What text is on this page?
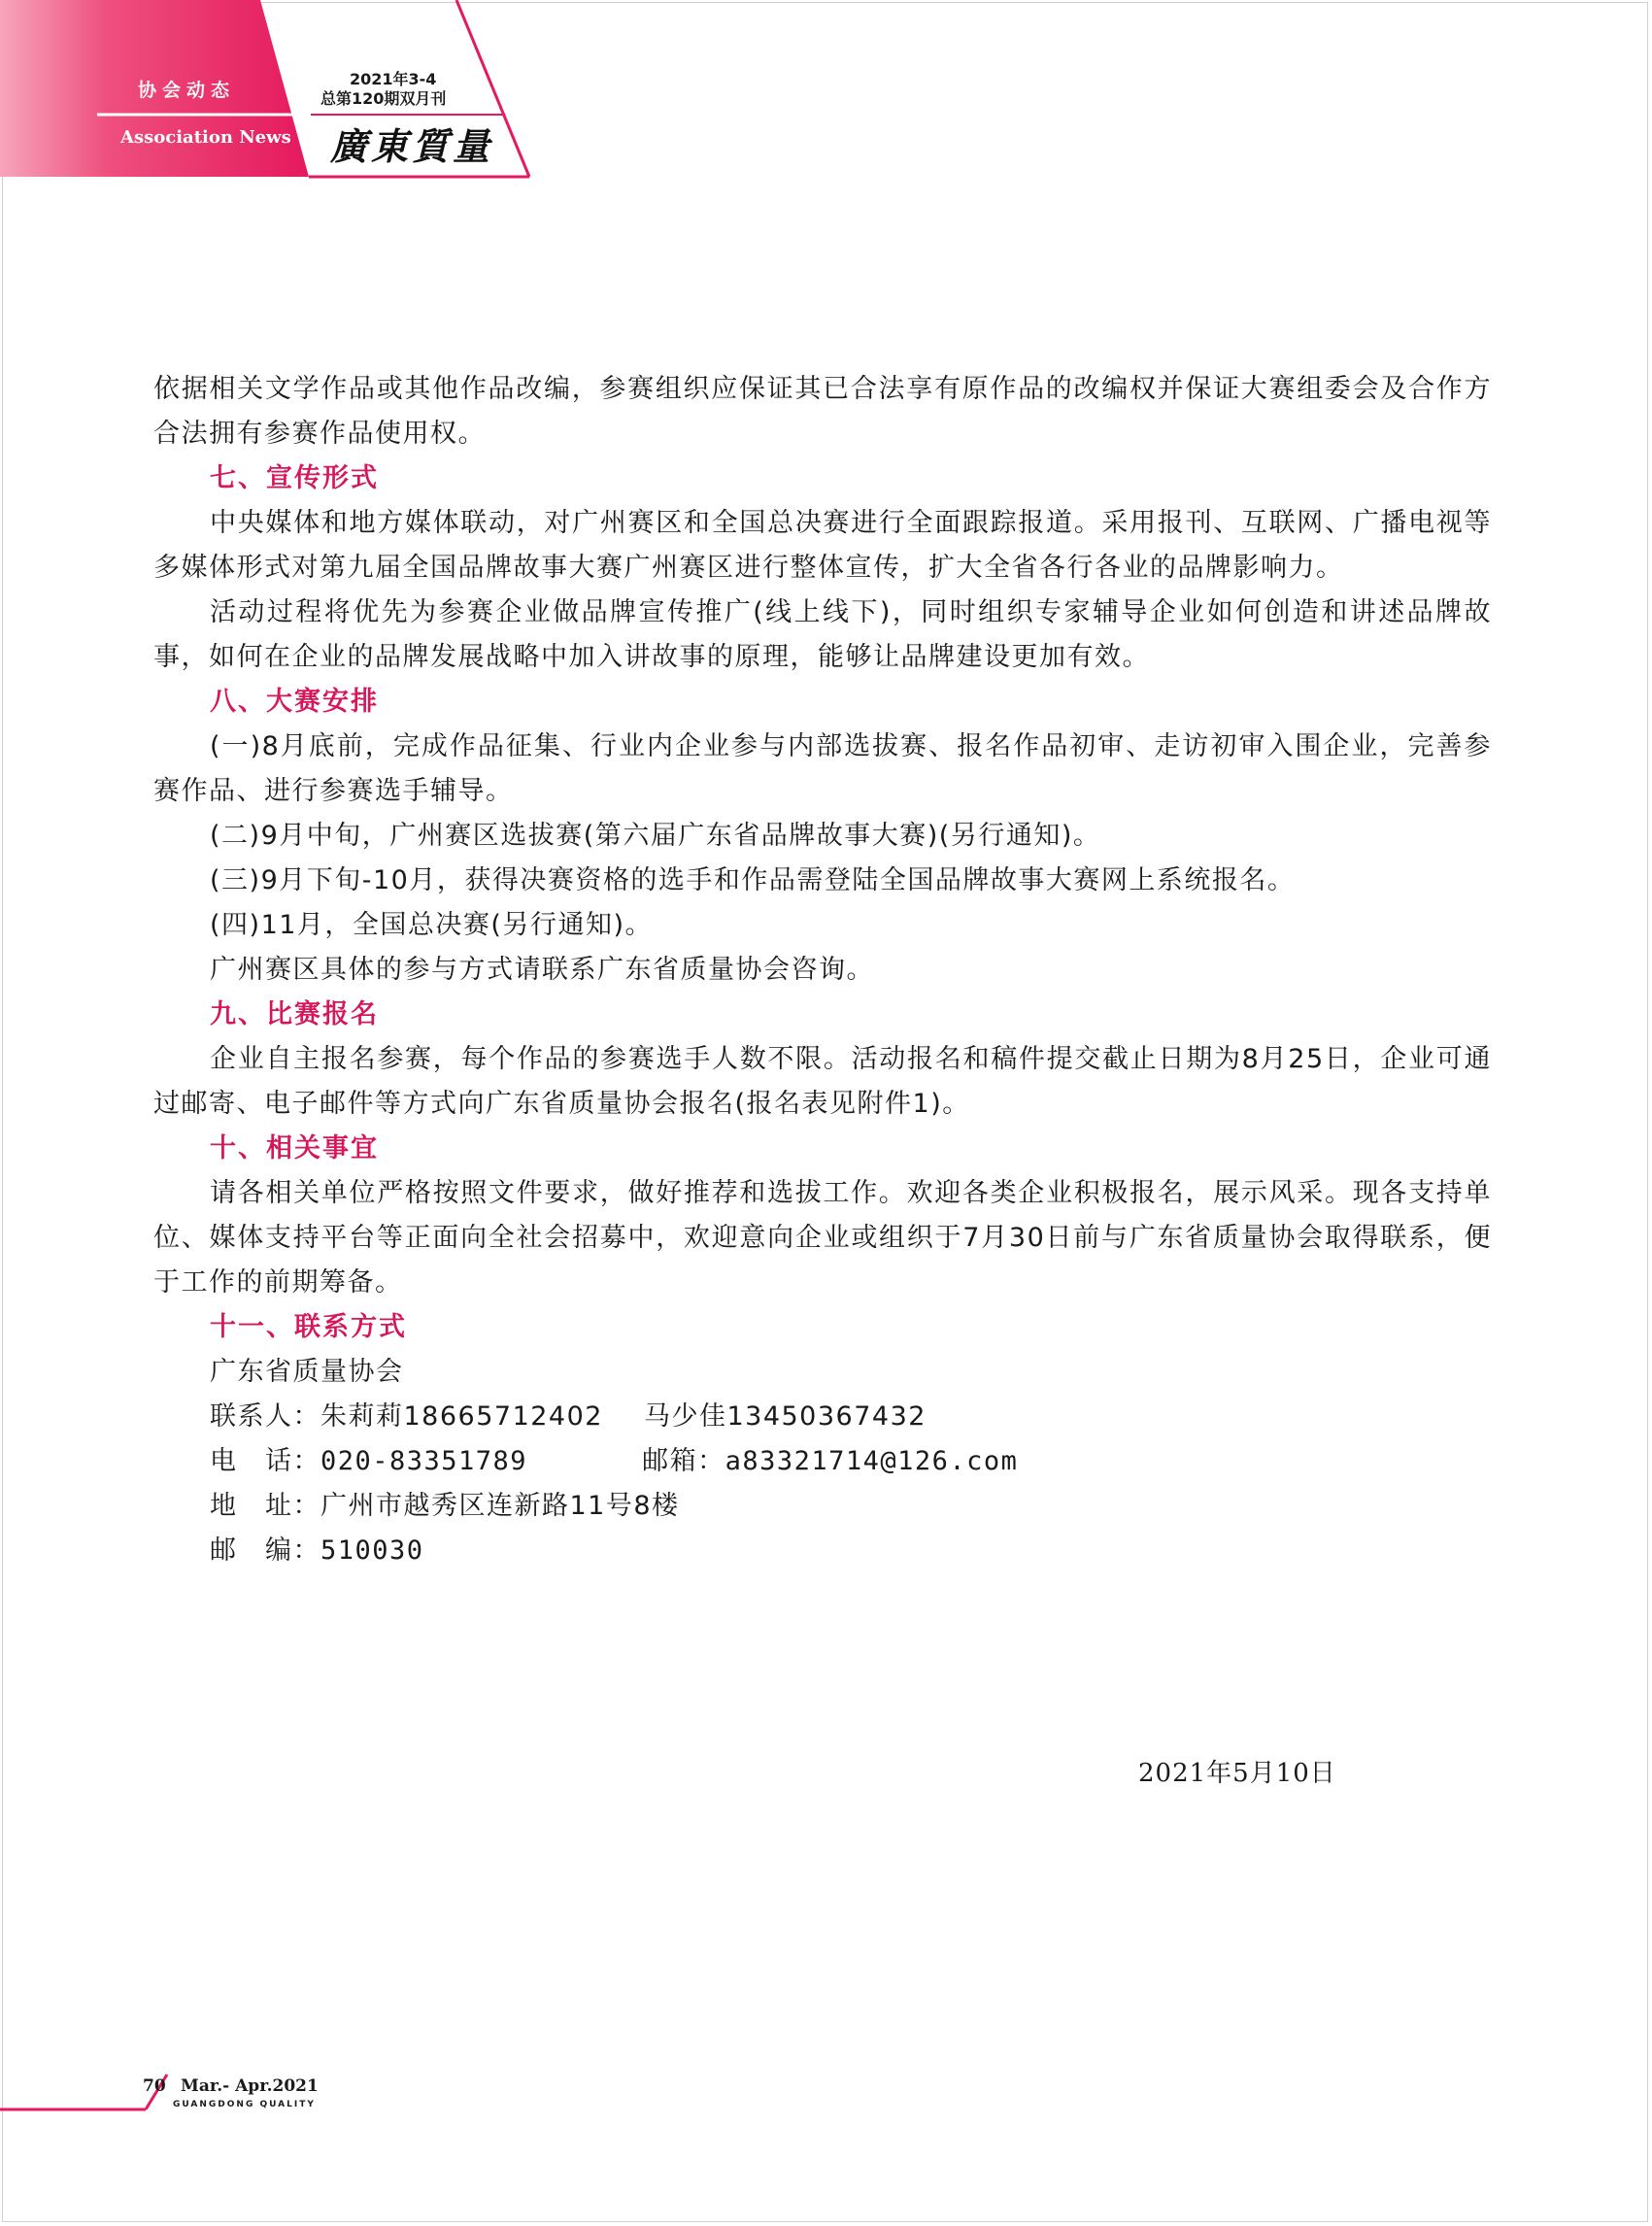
协会动态
Association News
2021年3-4
总第120期双月刊
廣東質量

依据相关文学作品或其他作品改编，参赛组织应保证其已合法享有原作品的改编权并保证大赛组委会及合作方合法拥有参赛作品使用权。

七、宣传形式

中央媒体和地方媒体联动，对广州赛区和全国总决赛进行全面跟踪报道。采用报刊、互联网、广播电视等多媒体形式对第九届全国品牌故事大赛广州赛区进行整体宣传，扩大全省各行各业的品牌影响力。

活动过程将优先为参赛企业做品牌宣传推广(线上线下)，同时组织专家辅导企业如何创造和讲述品牌故事，如何在企业的品牌发展战略中加入讲故事的原理，能够让品牌建设更加有效。

八、大赛安排

(一)8月底前，完成作品征集、行业内企业参与内部选拔赛、报名作品初审、走访初审入围企业，完善参赛作品、进行参赛选手辅导。

(二)9月中旬，广州赛区选拔赛(第六届广东省品牌故事大赛)(另行通知)。

(三)9月下旬-10月，获得决赛资格的选手和作品需登陆全国品牌故事大赛网上系统报名。

(四)11月，全国总决赛(另行通知)。

广州赛区具体的参与方式请联系广东省质量协会咨询。

九、比赛报名

企业自主报名参赛，每个作品的参赛选手人数不限。活动报名和稿件提交截止日期为8月25日，企业可通过邮寄、电子邮件等方式向广东省质量协会报名(报名表见附件1)。

十、相关事宜

请各相关单位严格按照文件要求，做好推荐和选拔工作。欢迎各类企业积极报名，展示风采。现各支持单位、媒体支持平台等正面向全社会招募中，欢迎意向企业或组织于7月30日前与广东省质量协会取得联系，便于工作的前期筹备。

十一、联系方式

广东省质量协会

联系人：朱莉莉18665712402 马少佳13450367432

电　话：020-83351789	邮箱：a83321714@126.com

地　址：广州市越秀区连新路11号8楼

邮　编：510030

2021年5月10日
70 Mar.- Apr.2021
GUANGDONG QUALITY
